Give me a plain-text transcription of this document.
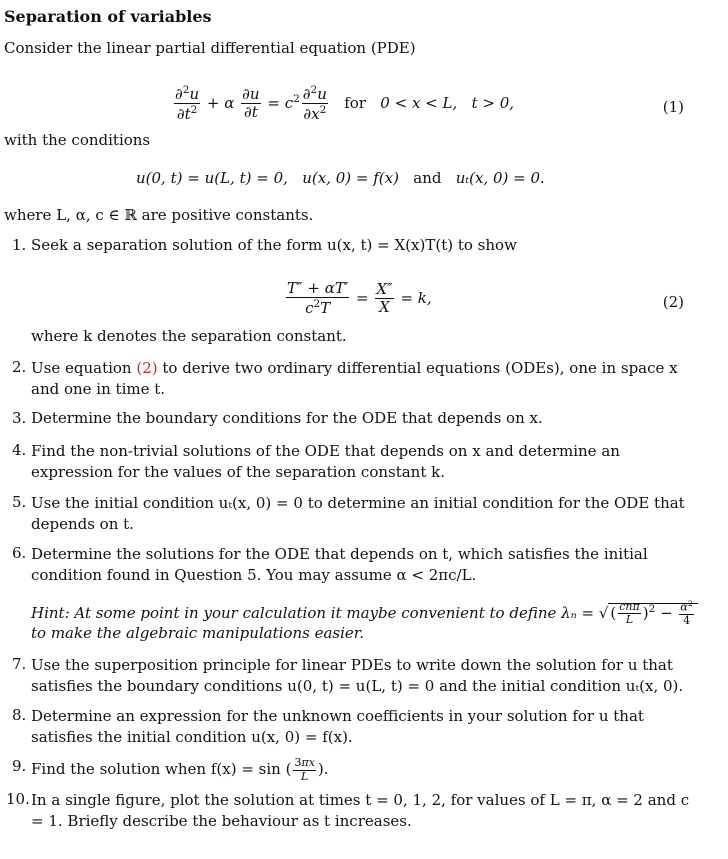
Separation of variables
Consider the linear partial differential equation (PDE)
$\frac{\partial^2u}{\partial t^2} + \alpha \frac{\partial u}{\partial t} = c^2 \frac{\partial^2u}{\partial x^2}$ for 0 < x < L, t > 0,	(1)
with the conditions
u(0, t) = u(L, t) = 0, u(x, 0) = f(x) and uₜ(x, 0) = 0.
where L, α, c ∈ ℝ are positive constants.
1. Seek a separation solution of the form u(x, t) = X(x)T(t) to show
$\frac{T'' + \alpha T'}{c^2T} = \frac{X''}{X} = k$,	(2)
where k denotes the separation constant.
2. Use equation (2) to derive two ordinary differential equations (ODEs), one in space x and one in time t.
3. Determine the boundary conditions for the ODE that depends on x.
4. Find the non-trivial solutions of the ODE that depends on x and determine an expression for the values of the separation constant k.
5. Use the initial condition uₜ(x, 0) = 0 to determine an initial condition for the ODE that depends on t.
6. Determine the solutions for the ODE that depends on t, which satisfies the initial condition found in Question 5. You may assume α < 2πc/L.
Hint: At some point in your calculation it maybe convenient to define λₙ = √ ( $\frac{\text{cnπ}}{L} )^2 - \frac{\alpha^2}{4}$
to make the algebraic manipulations easier.
7. Use the superposition principle for linear PDEs to write down the solution for u that satisfies the boundary conditions u(0, t) = u(L, t) = 0 and the initial condition uₜ(x, 0).
8. Determine an expression for the unknown coefficients in your solution for u that satisfies the initial condition u(x, 0) = f(x).
9. Find the solution when f(x) = sin ( $\frac{3\pi x}{L}$ ).
10. In a single figure, plot the solution at times t = 0, 1, 2, for values of L = π, α = 2 and c = 1. Briefly describe the behaviour as t increases.
